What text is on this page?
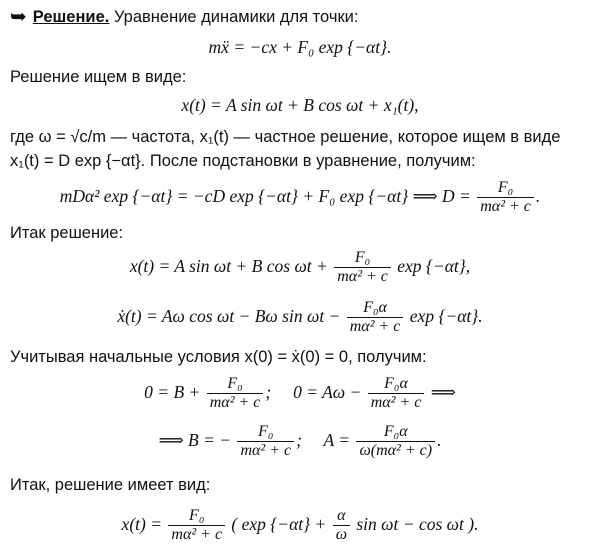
➥ Решение. Уравнение динамики для точки:
mẍ = −cx + F₀ exp {−αt}.
Решение ищем в виде:
x(t) = A sin ωt + B cos ωt + x₁(t),
где ω = √c/m — частота, x₁(t) — частное решение, которое ищем в виде
x₁(t) = D exp {−αt}. После подстановки в уравнение, получим:
mDα² exp {−αt} = −cD exp {−αt} + F₀ exp {−αt} ⟹ $D = \frac{\text{F₀}}{\text{mα² + c}}$ .
Итак решение:
x(t) = A sin ωt + B $\cos \omega t + \frac{\text{F₀}}{\text{mα² + c}}$ exp {−αt},
ẋ(t) = Aω cos ωt − Bω $\sin \omega t - \frac{\text{F₀α}}{\text{mα² + c}}$ exp {−αt}.
Учитывая начальные условия x(0) = ẋ(0) = 0, получим:
$0 = B + \frac{\text{F₀}}{\text{mα² + c}}$ ; $0 = A\omega - \frac{\text{F₀α}}{\text{mα² + c}}$ ⟹
⟹ B = − $\frac{\text{F₀}}{\text{mα² + c}}$ ; $A = \frac{\text{F₀α}}{\text{ω(mα² + c)}}$ .
Итак, решение имеет вид:
$x(t) = \frac{\text{F₀}}{\text{mα² + c}}$ ( $\exp \{-\alpha t\} + \frac{\alpha}{\omega}$ sin ωt − cos ωt ).
